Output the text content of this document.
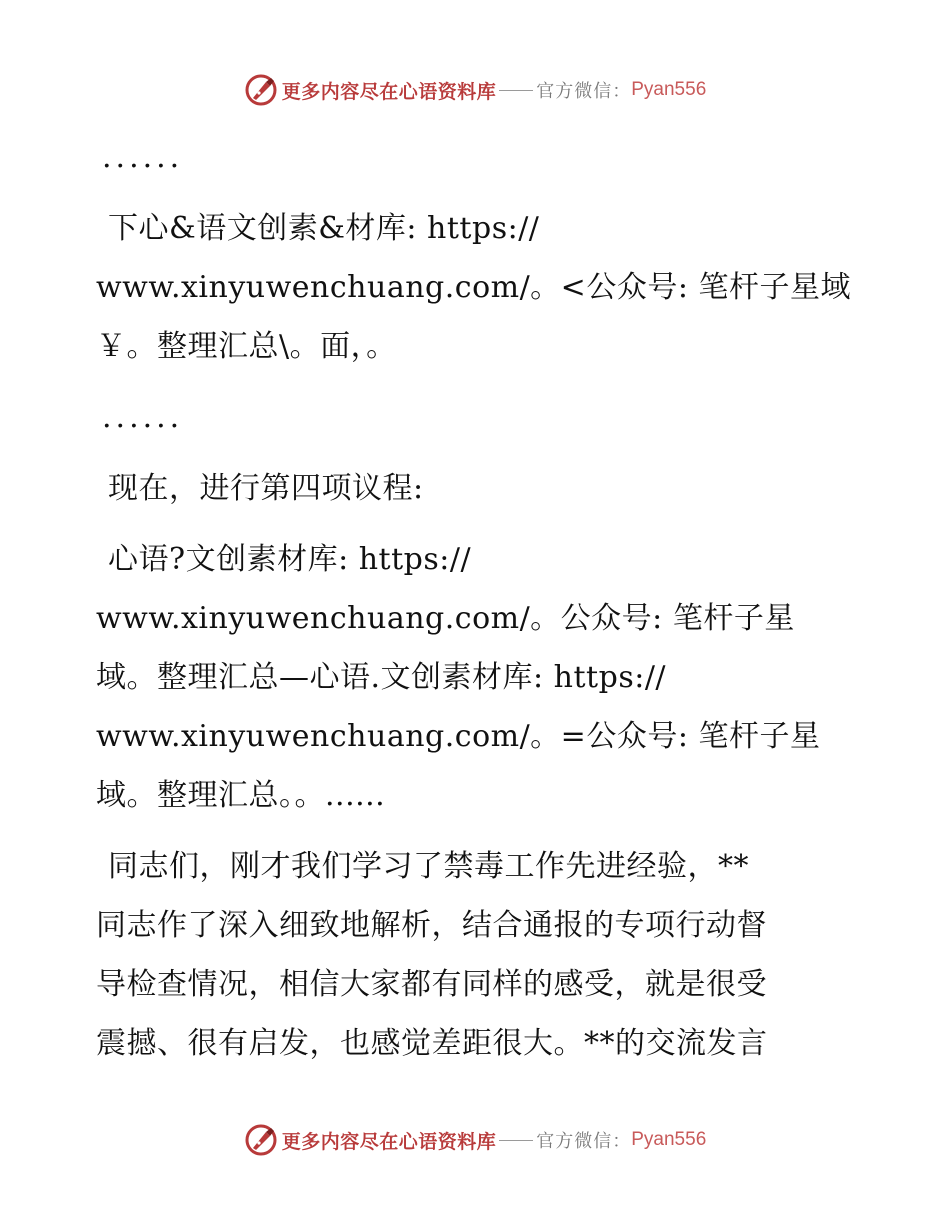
更多内容尽在心语资料库 官方微信： Pyan556

......

下心&语文创素&材库: https://
www.xinyuwenchuang.com/。<公众号: 笔杆子星域
￥。整理汇总\。面，。

......

现在，进行第四项议程:

心语?文创素材库: https://
www.xinyuwenchuang.com/。公众号: 笔杆子星
域。整理汇总—心语.文创素材库: https://
www.xinyuwenchuang.com/。=公众号: 笔杆子星
域。整理汇总。。......

同志们，刚才我们学习了禁毒工作先进经验，**
同志作了深入细致地解析，结合通报的专项行动督
导检查情况，相信大家都有同样的感受，就是很受
震撼、很有启发，也感觉差距很大。**的交流发言

更多内容尽在心语资料库 官方微信： Pyan556
